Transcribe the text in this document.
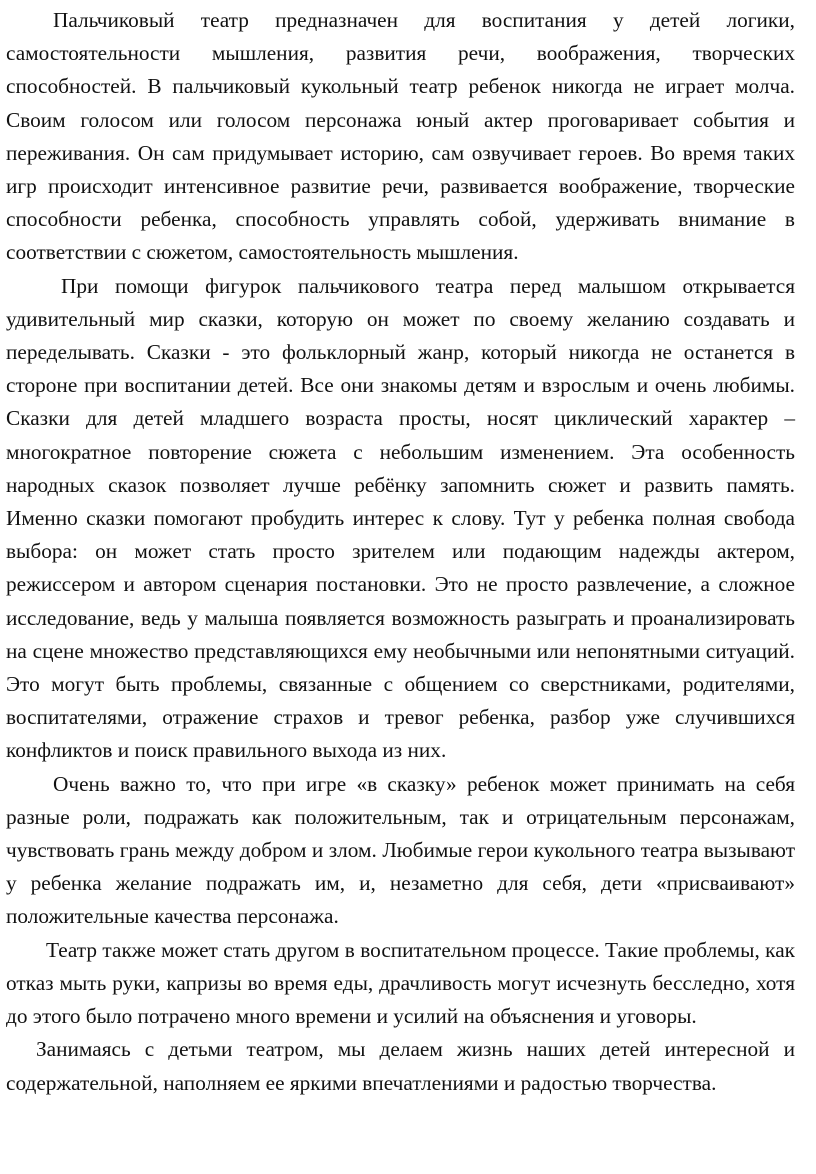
Пальчиковый театр предназначен для воспитания у детей логики, самостоятельности мышления, развития речи, воображения, творческих способностей. В пальчиковый кукольный театр ребенок никогда не играет молча. Своим голосом или голосом персонажа юный актер проговаривает события и переживания. Он сам придумывает историю, сам озвучивает героев. Во время таких игр происходит интенсивное развитие речи, развивается воображение, творческие способности ребенка, способность управлять собой, удерживать внимание в соответствии с сюжетом, самостоятельность мышления.

При помощи фигурок пальчикового театра перед малышом открывается удивительный мир сказки, которую он может по своему желанию создавать и переделывать. Сказки - это фольклорный жанр, который никогда не останется в стороне при воспитании детей. Все они знакомы детям и взрослым и очень любимы. Сказки для детей младшего возраста просты, носят циклический характер – многократное повторение сюжета с небольшим изменением. Эта особенность народных сказок позволяет лучше ребёнку запомнить сюжет и развить память. Именно сказки помогают пробудить интерес к слову. Тут у ребенка полная свобода выбора: он может стать просто зрителем или подающим надежды актером, режиссером и автором сценария постановки. Это не просто развлечение, а сложное исследование, ведь у малыша появляется возможность разыграть и проанализировать на сцене множество представляющихся ему необычными или непонятными ситуаций. Это могут быть проблемы, связанные с общением со сверстниками, родителями, воспитателями, отражение страхов и тревог ребенка, разбор уже случившихся конфликтов и поиск правильного выхода из них.

Очень важно то, что при игре «в сказку» ребенок может принимать на себя разные роли, подражать как положительным, так и отрицательным персонажам, чувствовать грань между добром и злом. Любимые герои кукольного театра вызывают у ребенка желание подражать им, и, незаметно для себя, дети «присваивают» положительные качества персонажа.

Театр также может стать другом в воспитательном процессе. Такие проблемы, как отказ мыть руки, капризы во время еды, драчливость могут исчезнуть бесследно, хотя до этого было потрачено много времени и усилий на объяснения и уговоры.

Занимаясь с детьми театром, мы делаем жизнь наших детей интересной и содержательной, наполняем ее яркими впечатлениями и радостью творчества.
